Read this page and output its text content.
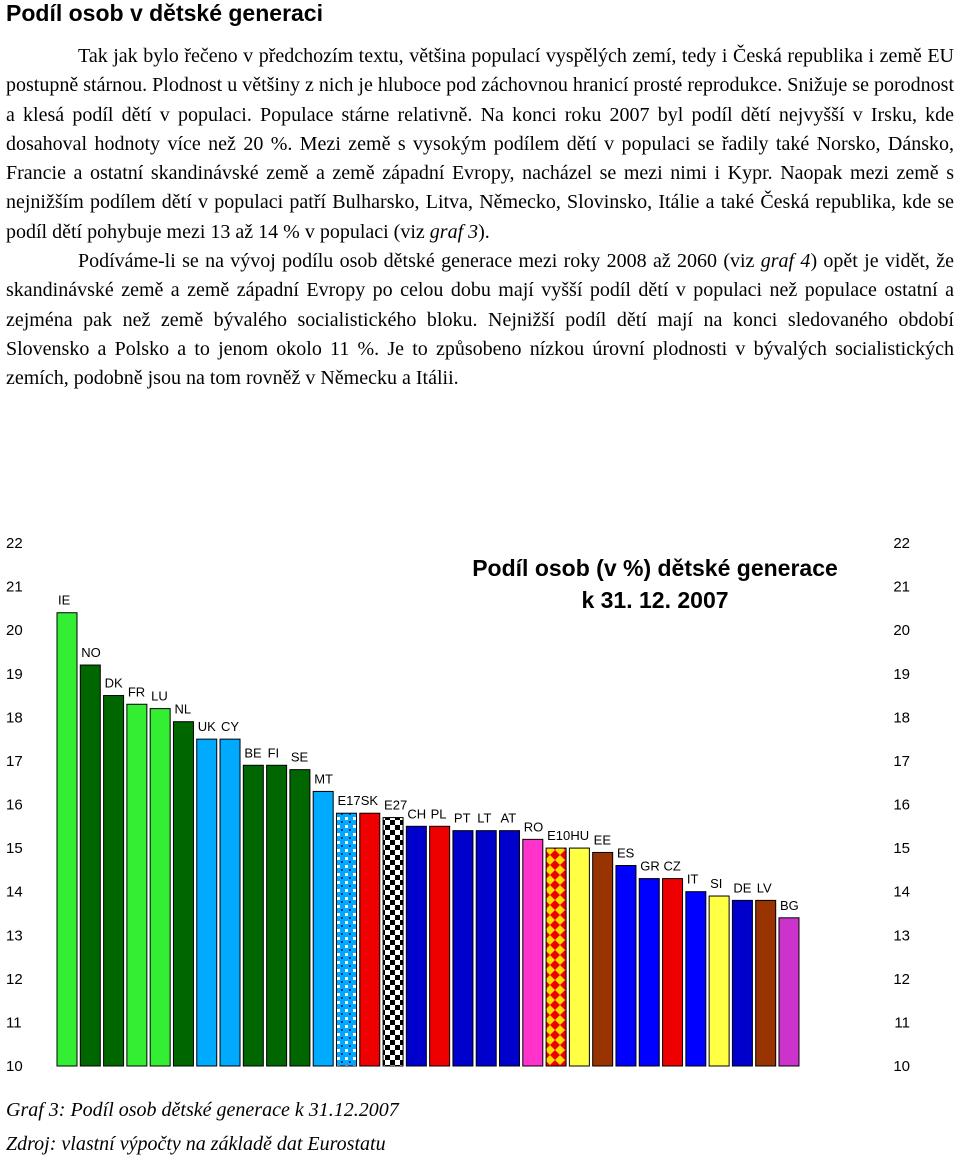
Podíl osob v dětské generaci

Tak jak bylo řečeno v předchozím textu, většina populací vyspělých zemí, tedy i Česká republika i země EU postupně stárnou. Plodnost u většiny z nich je hluboce pod záchovnou hranicí prosté reprodukce. Snižuje se porodnost a klesá podíl dětí v populaci. Populace stárne relativně. Na konci roku 2007 byl podíl dětí nejvyšší v Irsku, kde dosahoval hodnoty více než 20 %. Mezi země s vysokým podílem dětí v populaci se řadily také Norsko, Dánsko, Francie a ostatní skandinávské země a země západní Evropy, nacházel se mezi nimi i Kypr. Naopak mezi země s nejnižším podílem dětí v populaci patří Bulharsko, Litva, Německo, Slovinsko, Itálie a také Česká republika, kde se podíl dětí pohybuje mezi 13 až 14 % v populaci (viz graf 3).

Podíváme-li se na vývoj podílu osob dětské generace mezi roky 2008 až 2060 (viz graf 4) opět je vidět, že skandinávské země a země západní Evropy po celou dobu mají vyšší podíl dětí v populaci než populace ostatní a zejména pak než země bývalého socialistického bloku. Nejnižší podíl dětí mají na konci sledovaného období Slovensko a Polsko a to jenom okolo 11 %. Je to způsobeno nízkou úrovní plodnosti v bývalých socialistických zemích, podobně jsou na tom rovněž v Německu a Itálii.

10
11
12
13
14
15
16
17
18
19
20
21
22
10
11
12
13
14
15
16
17
18
19
20
21
22
IE
NO
DK
FR LU
NL
UK CY
BE FI SE
MT
E17 SK E27
CH PL PT LT AT
RO
E10 HU EE
ES
GR CZ
IT SI DE LV
BG
Podíl osob (v %) dětské generace
k 31. 12. 2007
Graf 3: Podíl osob dětské generace k 31.12.2007
Zdroj: vlastní výpočty na základě dat Eurostatu
